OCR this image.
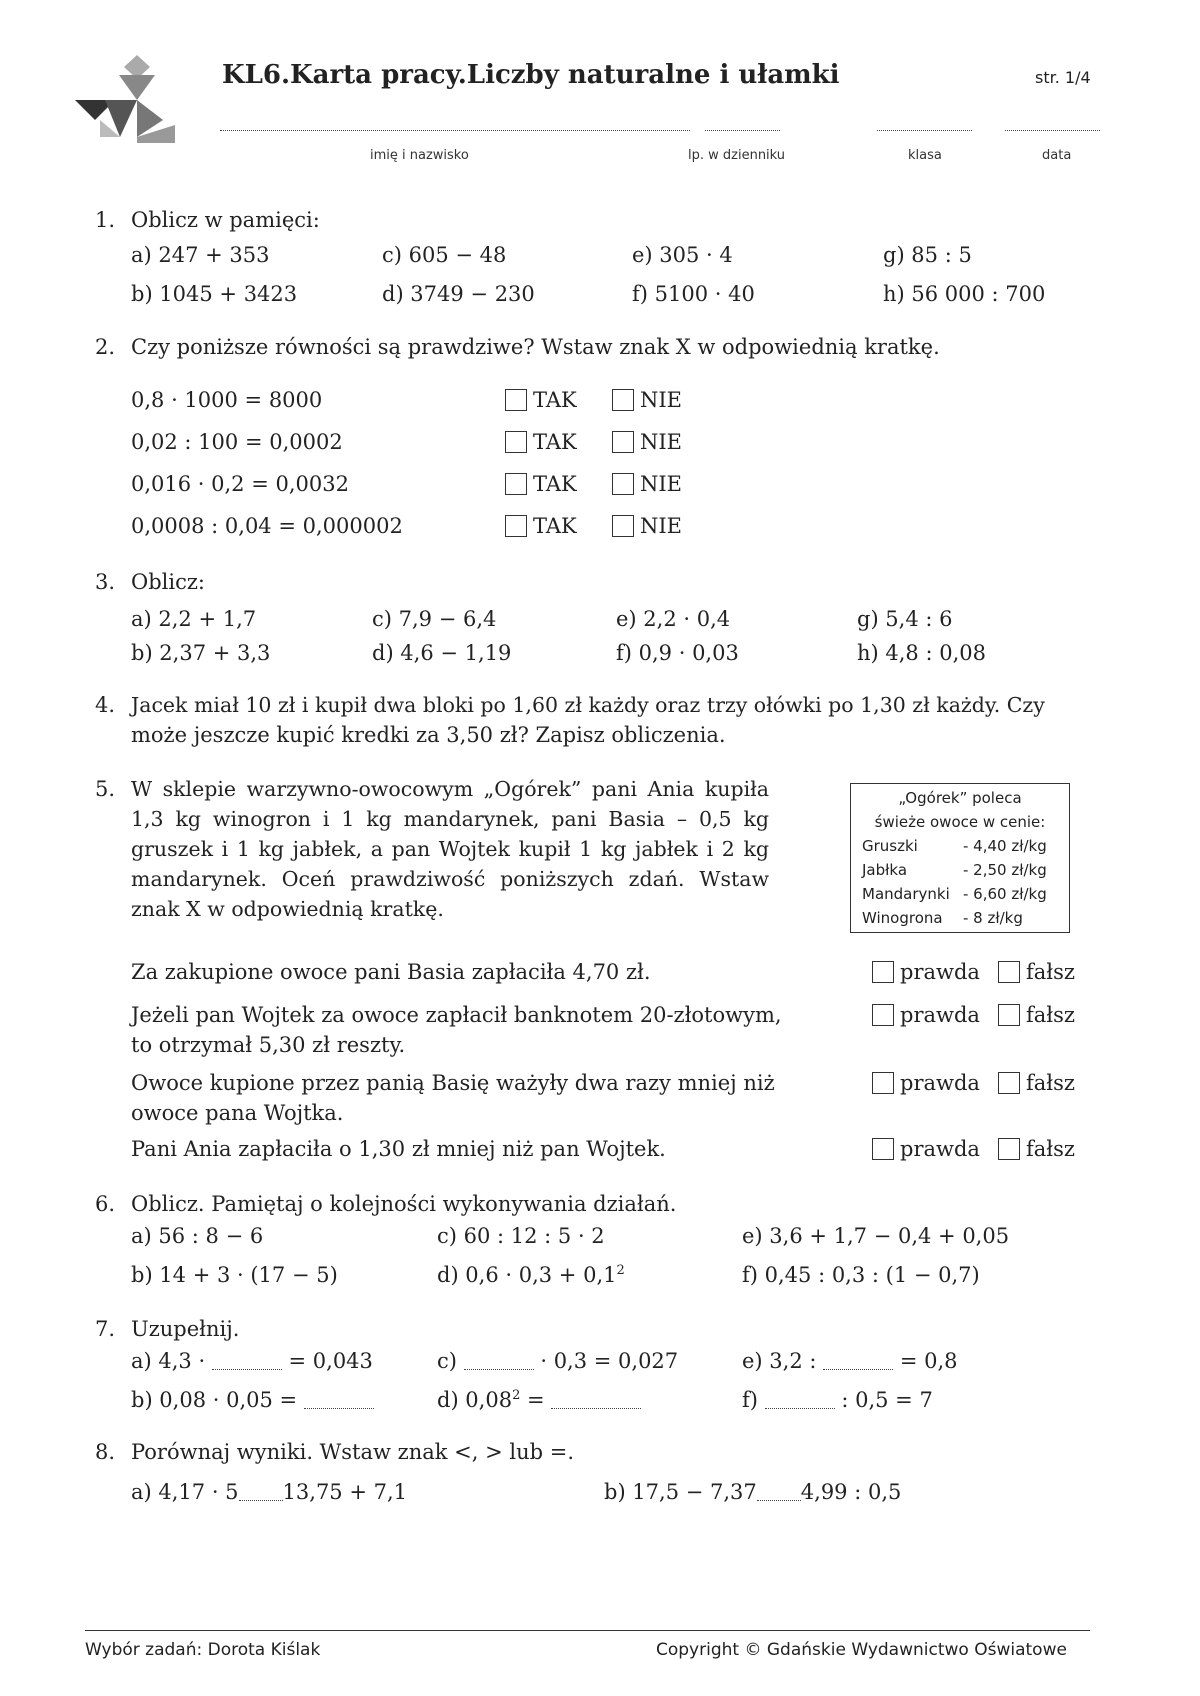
KL6.Karta pracy.Liczby naturalne i ułamki	str. 1/4
imię i nazwisko	lp. w dzienniku	klasa	data
1. Oblicz w pamięci:
a) 247 + 353	c) 605 − 48	e) 305 · 4	g) 85 : 5
b) 1045 + 3423	d) 3749 − 230	f) 5100 · 40	h) 56 000 : 700
2. Czy poniższe równości są prawdziwe? Wstaw znak X w odpowiednią kratkę.
0,8 · 1000 = 8000	TAK	NIE
0,02 : 100 = 0,0002	TAK	NIE
0,016 · 0,2 = 0,0032	TAK	NIE
0,0008 : 0,04 = 0,000002	TAK	NIE
3. Oblicz:
a) 2,2 + 1,7	c) 7,9 − 6,4	e) 2,2 · 0,4	g) 5,4 : 6
b) 2,37 + 3,3	d) 4,6 − 1,19	f) 0,9 · 0,03	h) 4,8 : 0,08
4. Jacek miał 10 zł i kupił dwa bloki po 1,60 zł każdy oraz trzy ołówki po 1,30 zł każdy. Czy
może jeszcze kupić kredki za 3,50 zł? Zapisz obliczenia.
5. W sklepie warzywno-owocowym „Ogórek” pani Ania kupiła 1,3 kg winogron i 1 kg mandarynek, pani Basia – 0,5 kg gruszek i 1 kg jabłek, a pan Wojtek kupił 1 kg jabłek i 2 kg mandarynek. Oceń prawdziwość poniższych zdań. Wstaw znak X w odpowiednią kratkę.
„Ogórek” poleca
świeże owoce w cenie:
Gruszki	- 4,40 zł/kg
Jabłka	- 2,50 zł/kg
Mandarynki - 6,60 zł/kg
Winogrona - 8 zł/kg
Za zakupione owoce pani Basia zapłaciła 4,70 zł.	prawda	fałsz
Jeżeli pan Wojtek za owoce zapłacił banknotem 20-złotowym,
to otrzymał 5,30 zł reszty.
prawda	fałsz
Owoce kupione przez panią Basię ważyły dwa razy mniej niż
owoce pana Wojtka.
prawda	fałsz
Pani Ania zapłaciła o 1,30 zł mniej niż pan Wojtek.	prawda	fałsz
6. Oblicz. Pamiętaj o kolejności wykonywania działań.
a) 56 : 8 − 6	c) 60 : 12 : 5 · 2	e) 3,6 + 1,7 − 0,4 + 0,05
b) 14 + 3 · (17 − 5)	d) $0,6 \cdot 0,3 + 0,1^2$	f) 0,45 : 0,3 : (1 − 0,7)
7. Uzupełnij.
a) 4,3 ·	= 0,043	c)	· 0,3 = 0,027	e) 3,2 :	= 0,8
b) 0,08 · 0,05 =	d) $0,08^2$ =	f)	: 0,5 = 7
8. Porównaj wyniki. Wstaw znak <, > lub =.
a) 4,17 · 5 13,75 + 7,1	b) 17,5 − 7,37 4,99 : 0,5
Wybór zadań: Dorota Kiślak	Copyright © Gdańskie Wydawnictwo Oświatowe
